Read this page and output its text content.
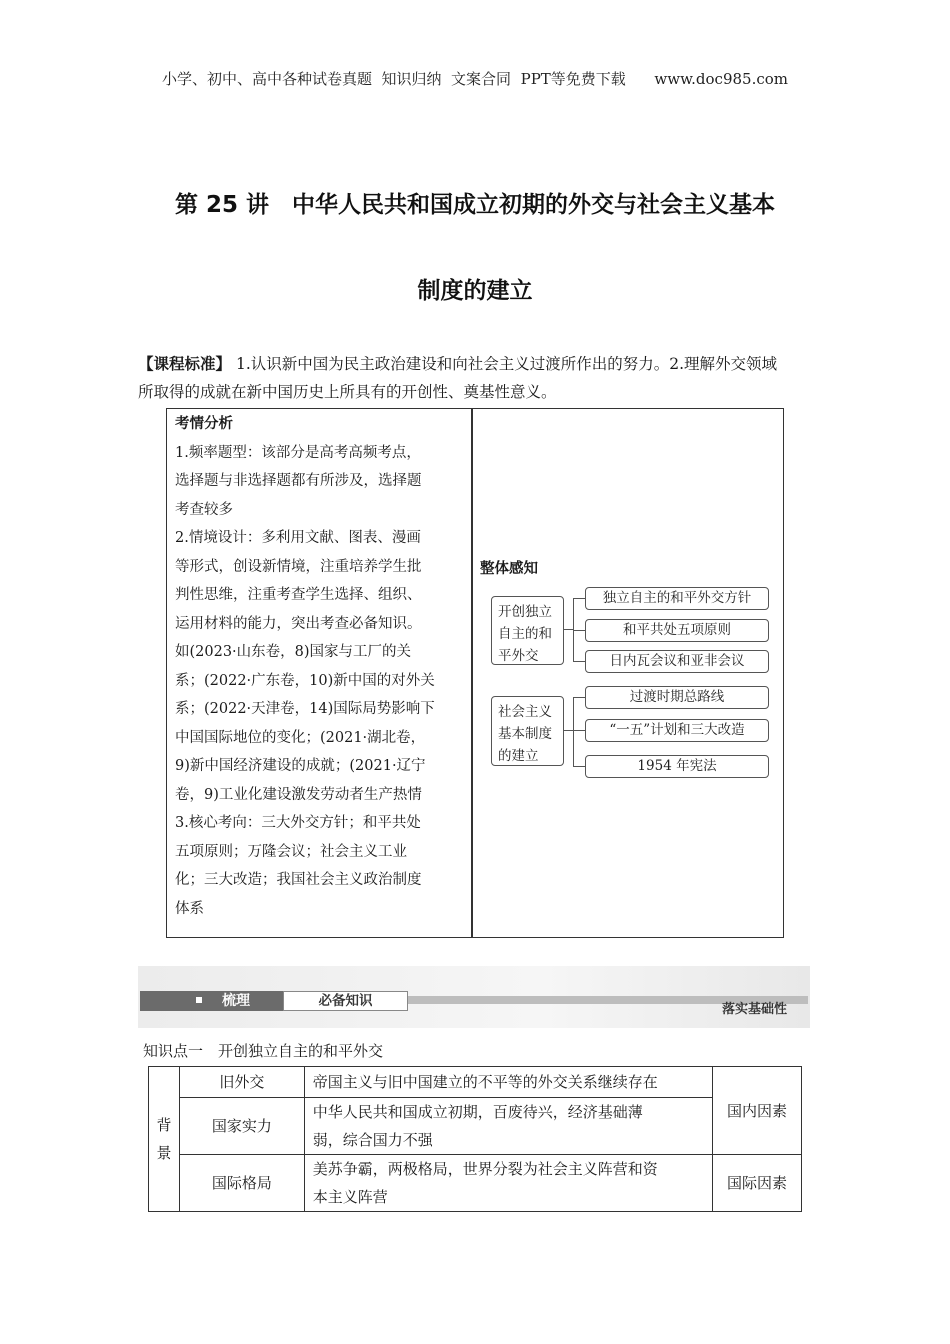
小学、初中、高中各种试卷真题  知识归纳  文案合同  PPT等免费下载 www.doc985.com
第 25 讲　中华人民共和国成立初期的外交与社会主义基本
制度的建立
【课程标准】 1.认识新中国为民主政治建设和向社会主义过渡所作出的努力。2.理解外交领域
所取得的成就在新中国历史上所具有的开创性、奠基性意义。
考情分析
1.频率题型：该部分是高考高频考点，
选择题与非选择题都有所涉及，选择题
考查较多
2.情境设计：多利用文献、图表、漫画
等形式，创设新情境，注重培养学生批
判性思维，注重考查学生选择、组织、
运用材料的能力，突出考查必备知识。
如(2023·山东卷，8)国家与工厂的关
系；(2022·广东卷，10)新中国的对外关
系；(2022·天津卷，14)国际局势影响下
中国国际地位的变化；(2021·湖北卷，
9)新中国经济建设的成就；(2021·辽宁
卷，9)工业化建设激发劳动者生产热情
3.核心考向：三大外交方针；和平共处
五项原则；万隆会议；社会主义工业
化；三大改造；我国社会主义政治制度
体系
整体感知
开创独立
自主的和
平外交
独立自主的和平外交方针
和平共处五项原则
日内瓦会议和亚非会议
社会主义
基本制度
的建立
过渡时期总路线
“一五”计划和三大改造
1954 年宪法
梳理	必备知识
落实基础性
知识点一　开创独立自主的和平外交
背
景	旧外交	帝国主义与旧中国建立的不平等的外交关系继续存在	国内因素
	国家实力	中华人民共和国成立初期，百废待兴，经济基础薄
弱，综合国力不强	

	国际格局	美苏争霸，两极格局，世界分裂为社会主义阵营和资
本主义阵营	国际因素
